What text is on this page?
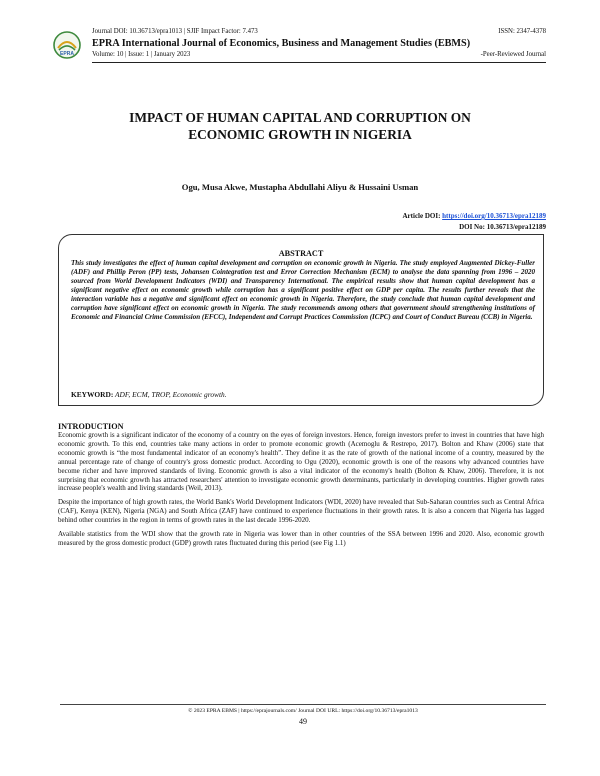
EPRA
Journal DOI: 10.36713/epra1013 | SJIF Impact Factor: 7.473	ISSN: 2347-4378
EPRA International Journal of Economics, Business and Management Studies (EBMS)
Volume: 10 | Issue: 1 | January 2023	-Peer-Reviewed Journal
IMPACT OF HUMAN CAPITAL AND CORRUPTION ON
ECONOMIC GROWTH IN NIGERIA
Ogu, Musa Akwe, Mustapha Abdullahi Aliyu & Hussaini Usman
Article DOI: https://doi.org/10.36713/epra12189
DOI No: 10.36713/epra12189
ABSTRACT
This study investigates the effect of human capital development and corruption on economic growth in Nigeria. The study employed Augmented Dickey-Fuller (ADF) and Phillip Peron (PP) tests, Johansen Cointegration test and Error Correction Mechanism (ECM) to analyse the data spanning from 1996 – 2020 sourced from World Development Indicators (WDI) and Transparency International. The empirical results show that human capital development has a significant negative effect on economic growth while corruption has a significant positive effect on GDP per capita. The results further reveals that the interaction variable has a negative and significant effect on economic growth in Nigeria. Therefore, the study conclude that human capital development and corruption have significant effect on economic growth in Nigeria. The study recommends among others that government should strengthening institutions of Economic and Financial Crime Commission (EFCC), Independent and Corrupt Practices Commission (ICPC) and Court of Conduct Bureau (CCB) in Nigeria.
KEYWORD: ADF, ECM, TROP, Economic growth.
INTRODUCTION

Economic growth is a significant indicator of the economy of a country on the eyes of foreign investors. Hence, foreign investors prefer to invest in countries that have high economic growth. To this end, countries take many actions in order to promote economic growth (Acemoglu & Restrepo, 2017). Bolton and Khaw (2006) state that economic growth is “the most fundamental indicator of an economy's health”. They define it as the rate of growth of the national income of a country, measured by the annual percentage rate of change of country's gross domestic product. According to Ogu (2020), economic growth is one of the reasons why advanced countries have become richer and have improved standards of living. Economic growth is also a vital indicator of the economy's health (Bolton & Khaw, 2006). Therefore, it is not surprising that economic growth has attracted researchers' attention to investigate economic growth determinants, particularly in developing countries. Higher growth rates increase people's wealth and living standards (Weil, 2013).

Despite the importance of high growth rates, the World Bank's World Development Indicators (WDI, 2020) have revealed that Sub-Saharan countries such as Central Africa (CAF), Kenya (KEN), Nigeria (NGA) and South Africa (ZAF) have continued to experience fluctuations in their growth rates. It is also a concern that Nigeria has lagged behind other countries in the region in terms of growth rates in the last decade 1996-2020.

Available statistics from the WDI show that the growth rate in Nigeria was lower than in other countries of the SSA between 1996 and 2020. Also, economic growth measured by the gross domestic product (GDP) growth rates fluctuated during this period (see Fig 1.1)

© 2023 EPRA EBMS | https://eprajournals.com/ Journal DOI URL: https://doi.org/10.36713/epra1013
49
